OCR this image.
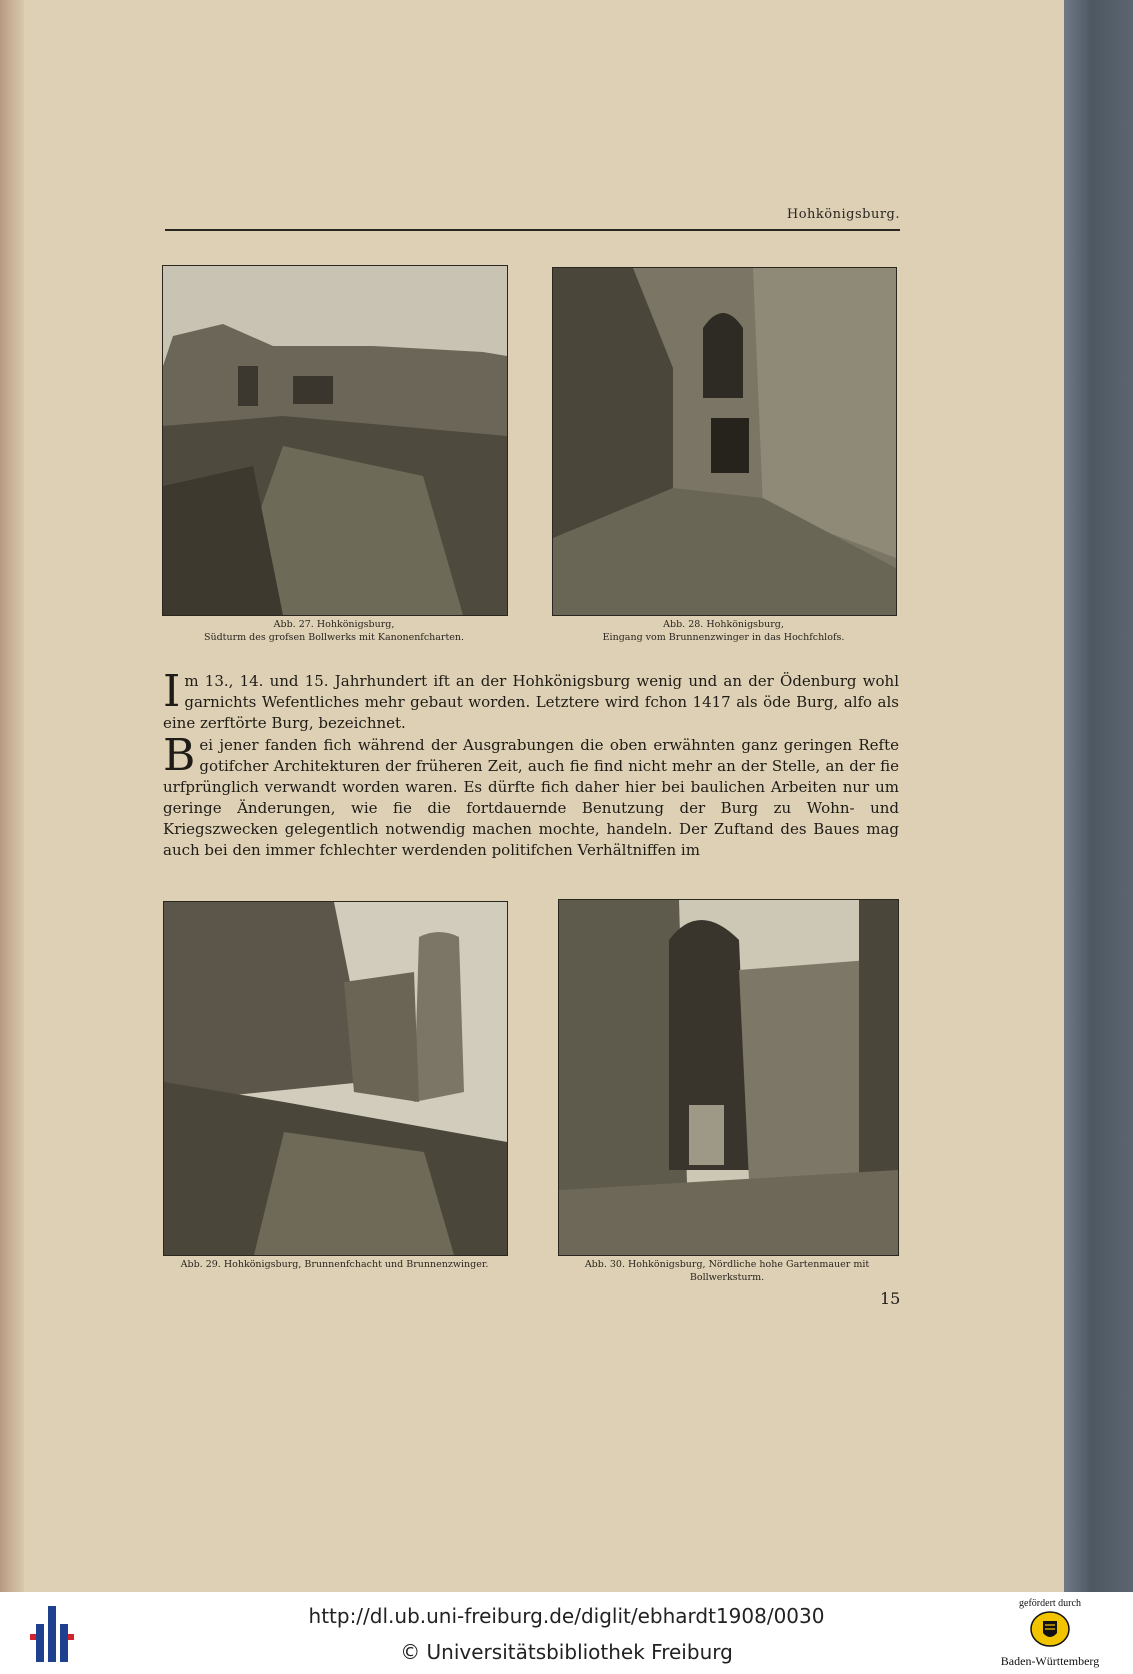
Hohkönigsburg.
Abb. 27. Hohkönigsburg,
Südturm des grofsen Bollwerks mit Kanonenfcharten.
Abb. 28. Hohkönigsburg,
Eingang vom Brunnenzwinger in das Hochfchlofs.
Im 13., 14. und 15. Jahrhundert ift an der Hohkönigsburg wenig und an der Ödenburg wohl garnichts Wefentliches mehr gebaut worden. Letztere wird fchon 1417 als öde Burg, alfo als eine zerftörte Burg, bezeichnet.
Bei jener fanden fich während der Ausgrabungen die oben erwähnten ganz geringen Refte gotifcher Architekturen der früheren Zeit, auch fie find nicht mehr an der Stelle, an der fie urfprünglich verwandt worden waren. Es dürfte fich daher hier bei baulichen Arbeiten nur um geringe Änderungen, wie fie die fortdauernde Benutzung der Burg zu Wohn- und Kriegszwecken gelegentlich notwendig machen mochte, handeln. Der Zuftand des Baues mag auch bei den immer fchlechter werdenden politifchen Verhältniffen im
Abb. 29. Hohkönigsburg, Brunnenfchacht und Brunnenzwinger.	Abb. 30. Hohkönigsburg, Nördliche hohe Gartenmauer mit Bollwerksturm.
15
http://dl.ub.uni-freiburg.de/diglit/ebhardt1908/0030
© Universitätsbibliothek Freiburg
gefördert durch
Baden-Württemberg
